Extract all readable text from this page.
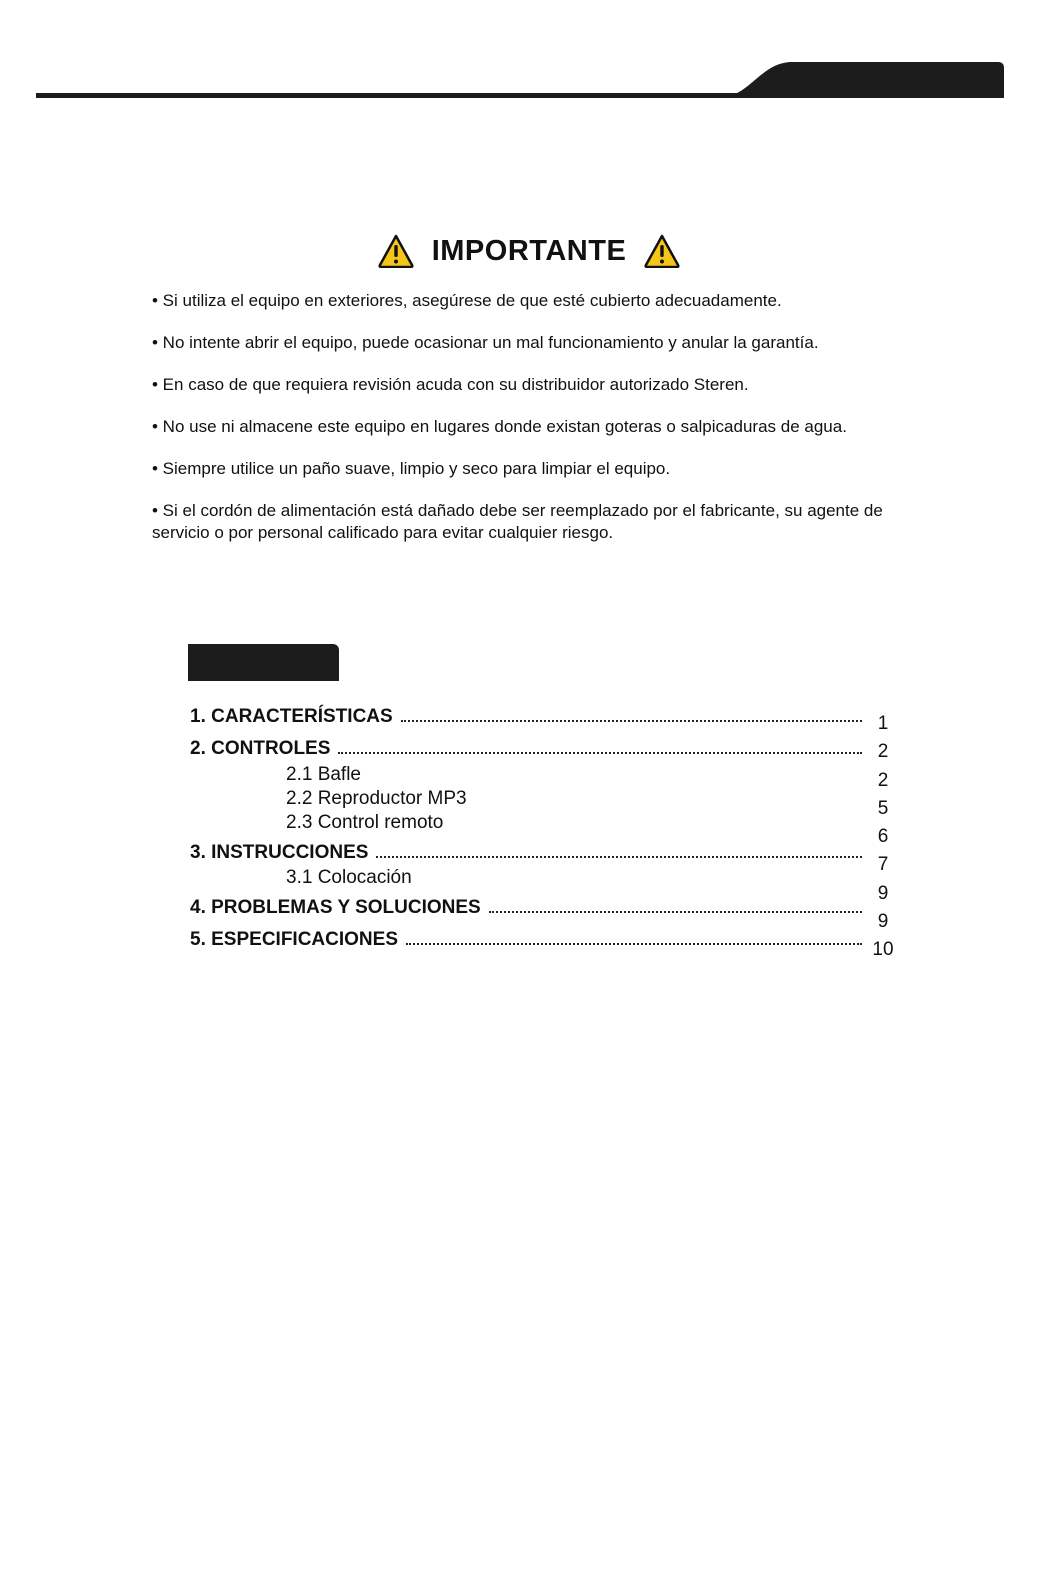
IMPORTANTE

• Si utiliza el equipo en exteriores, asegúrese de que esté cubierto adecuadamente.

• No intente abrir el equipo, puede ocasionar un mal funcionamiento y anular la garantía.

• En caso de que requiera revisión acuda con su distribuidor autorizado Steren.

• No use ni almacene este equipo en lugares donde existan goteras o salpicaduras de agua.

• Siempre utilice un paño suave, limpio y seco para limpiar el equipo.

• Si el cordón de alimentación está dañado debe ser reemplazado por el fabricante, su agente de servicio o por personal calificado para evitar cualquier riesgo.

1. CARACTERÍSTICAS
2. CONTROLES
2.1 Bafle
2.2 Reproductor MP3
2.3 Control remoto
3. INSTRUCCIONES
3.1 Colocación
4. PROBLEMAS Y SOLUCIONES
5. ESPECIFICACIONES
1
2
2
5
6
7
9
9
10
